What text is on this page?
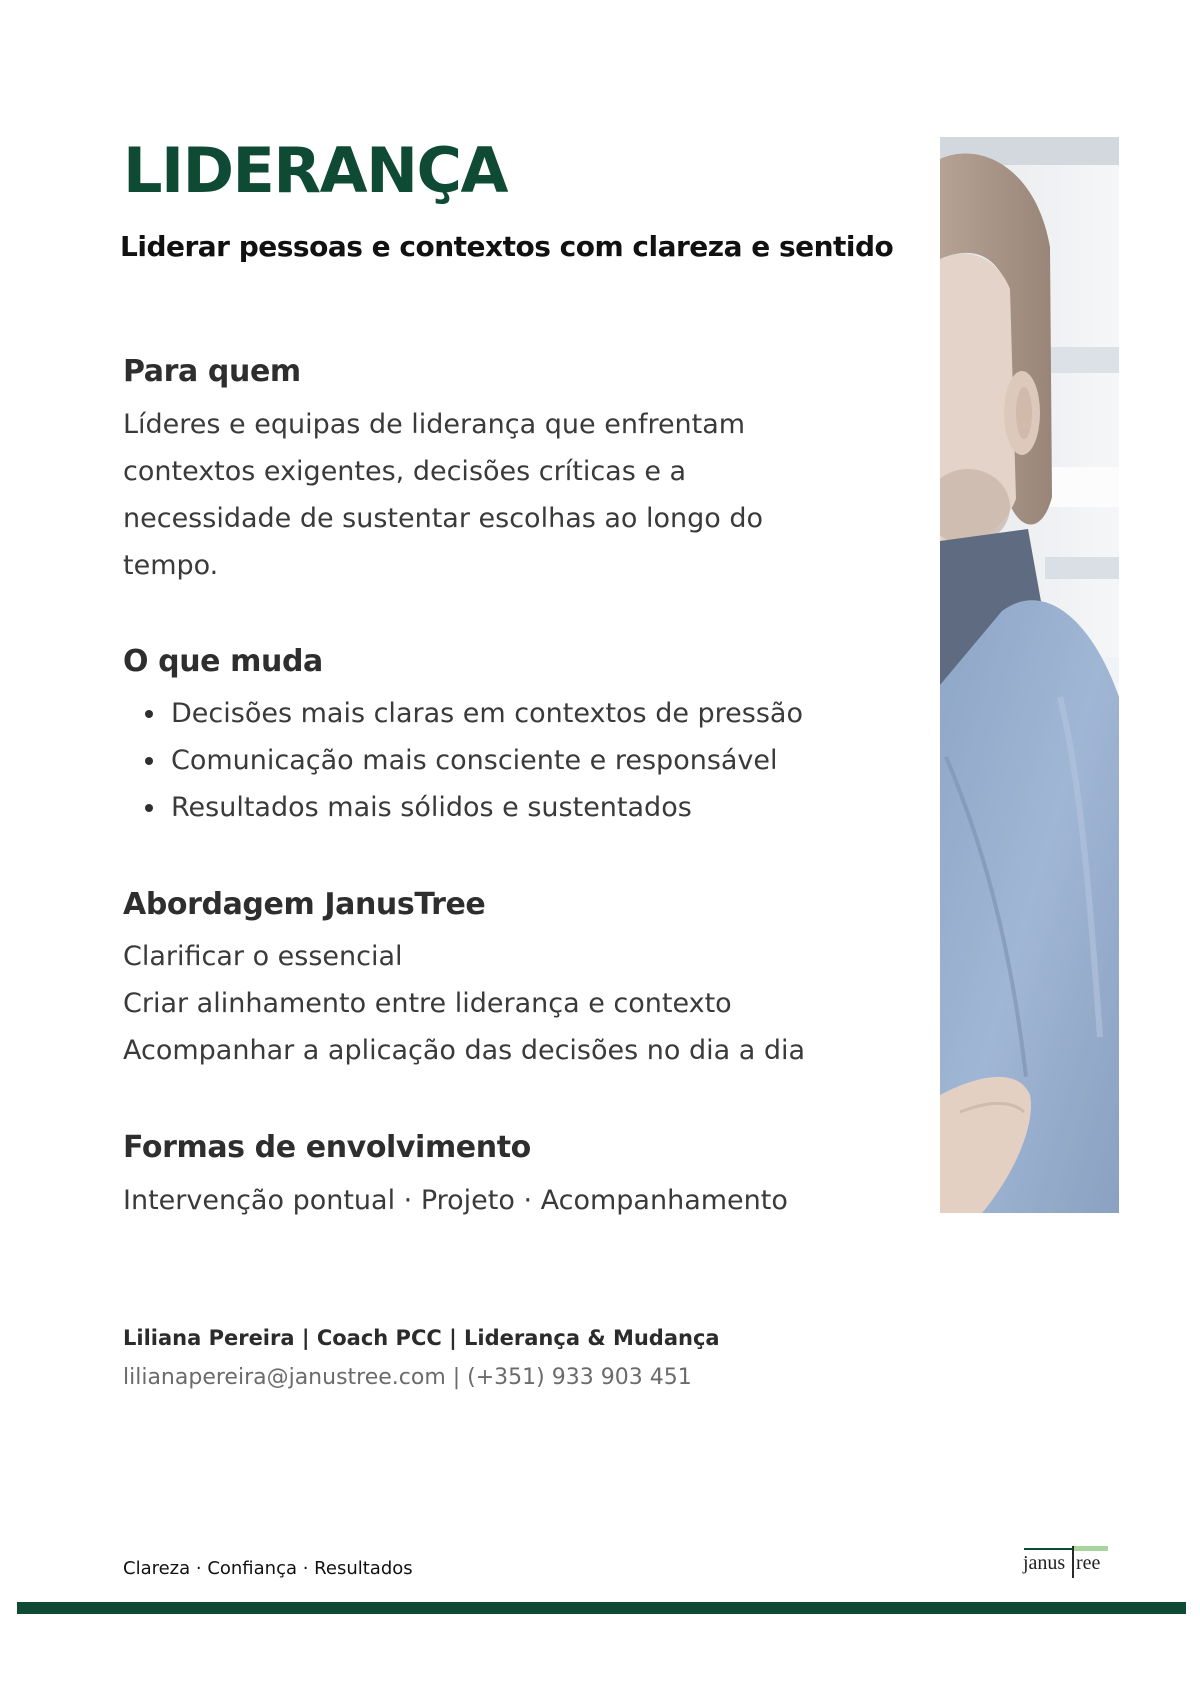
LIDERANÇA
Liderar pessoas e contextos com clareza e sentido
Para quem
Líderes e equipas de liderança que enfrentam
contextos exigentes, decisões críticas e a
necessidade de sustentar escolhas ao longo do
tempo.
O que muda
Decisões mais claras em contextos de pressão
Comunicação mais consciente e responsável
Resultados mais sólidos e sustentados
Abordagem JanusTree
Clarificar o essencial
Criar alinhamento entre liderança e contexto
Acompanhar a aplicação das decisões no dia a dia
Formas de envolvimento
Intervenção pontual · Projeto · Acompanhamento
Liliana Pereira | Coach PCC | Liderança & Mudança
lilianapereira@janustree.com | (+351) 933 903 451
Clareza · Confiança · Resultados	janus ree
